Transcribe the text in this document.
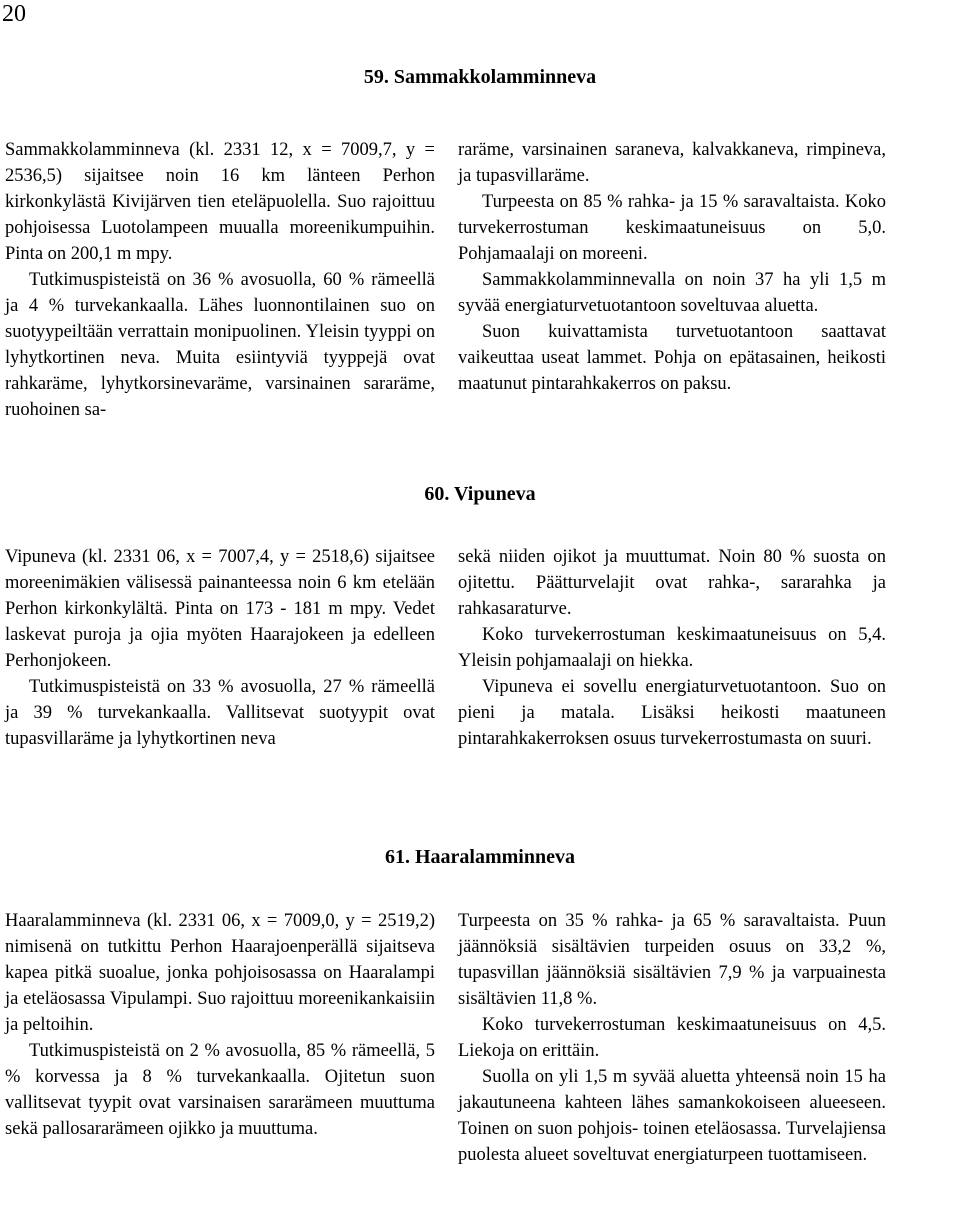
20
59. Sammakkolamminneva

Sammakkolamminneva (kl. 2331 12, x = 7009,7, y = 2536,5) sijaitsee noin 16 km länteen Perhon kirkonkylästä Kivijärven tien eteläpuolella. Suo rajoittuu pohjoisessa Luotolampeen muualla moreenikumpuihin. Pinta on 200,1 m mpy.

Tutkimuspisteistä on 36 % avosuolla, 60 % rämeellä ja 4 % turvekankaalla. Lähes luonnontilainen suo on suotyypeiltään verrattain monipuolinen. Yleisin tyyppi on lyhytkortinen neva. Muita esiintyviä tyyppejä ovat rahkaräme, lyhytkorsinevaräme, varsinainen sararäme, ruohoinen sa-

raräme, varsinainen saraneva, kalvakkaneva, rimpineva, ja tupasvillaräme.

Turpeesta on 85 % rahka- ja 15 % saravaltaista. Koko turvekerrostuman keskimaatuneisuus on 5,0. Pohjamaalaji on moreeni.

Sammakkolamminnevalla on noin 37 ha yli 1,5 m syvää energiaturvetuotantoon soveltuvaa aluetta.

Suon kuivattamista turvetuotantoon saattavat vaikeuttaa useat lammet. Pohja on epätasainen, heikosti maatunut pintarahkakerros on paksu.

60. Vipuneva

Vipuneva (kl. 2331 06, x = 7007,4, y = 2518,6) sijaitsee moreenimäkien välisessä painanteessa noin 6 km etelään Perhon kirkonkylältä. Pinta on 173 - 181 m mpy. Vedet laskevat puroja ja ojia myöten Haarajokeen ja edelleen Perhonjokeen.

Tutkimuspisteistä on 33 % avosuolla, 27 % rämeellä ja 39 % turvekankaalla. Vallitsevat suotyypit ovat tupasvillaräme ja lyhytkortinen neva

sekä niiden ojikot ja muuttumat. Noin 80 % suosta on ojitettu. Päätturvelajit ovat rahka-, sararahka ja rahkasaraturve.

Koko turvekerrostuman keskimaatuneisuus on 5,4. Yleisin pohjamaalaji on hiekka.

Vipuneva ei sovellu energiaturvetuotantoon. Suo on pieni ja matala. Lisäksi heikosti maatuneen pintarahkakerroksen osuus turvekerrostumasta on suuri.

61. Haaralamminneva

Haaralamminneva (kl. 2331 06, x = 7009,0, y = 2519,2) nimisenä on tutkittu Perhon Haarajoenperällä sijaitseva kapea pitkä suoalue, jonka pohjoisosassa on Haaralampi ja eteläosassa Vipulampi. Suo rajoittuu moreenikankaisiin ja peltoihin.

Tutkimuspisteistä on 2 % avosuolla, 85 % rämeellä, 5 % korvessa ja 8 % turvekankaalla. Ojitetun suon vallitsevat tyypit ovat varsinaisen sararämeen muuttuma sekä pallosararämeen ojikko ja muuttuma.

Turpeesta on 35 % rahka- ja 65 % saravaltaista. Puun jäännöksiä sisältävien turpeiden osuus on 33,2 %, tupasvillan jäännöksiä sisältävien 7,9 % ja varpuainesta sisältävien 11,8 %.

Koko turvekerrostuman keskimaatuneisuus on 4,5. Liekoja on erittäin.

Suolla on yli 1,5 m syvää aluetta yhteensä noin 15 ha jakautuneena kahteen lähes samankokoiseen alueeseen. Toinen on suon pohjois- toinen eteläosassa. Turvelajiensa puolesta alueet soveltuvat energiaturpeen tuottamiseen.
